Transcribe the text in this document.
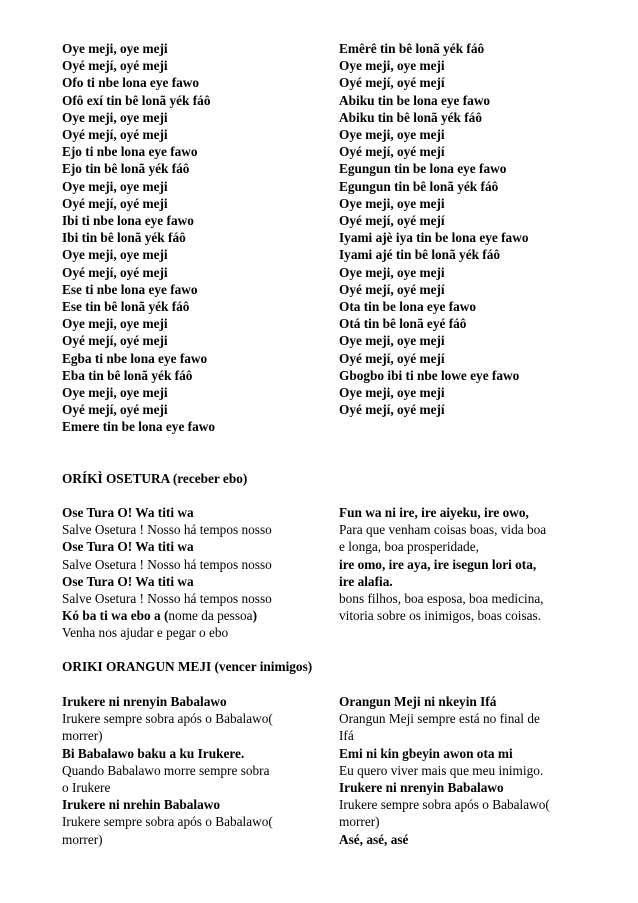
Oye meji, oye meji
Oyé mejí, oyé meji
Ofo ti nbe lona eye fawo
Ofô exí tin bê lonã yék fáô
Oye meji, oye meji
Oyé mejí, oyé meji
Ejo ti nbe lona eye fawo
Ejo tin bê lonã yék fáô
Oye meji, oye meji
Oyé mejí, oyé meji
Ibi ti nbe lona eye fawo
Ibi tin bê lonã yék fáô
Oye meji, oye meji
Oyé mejí, oyé meji
Ese ti nbe lona eye fawo
Ese tin bê lonã yék fáô
Oye meji, oye meji
Oyé mejí, oyé meji
Egba ti nbe lona eye fawo
Eba tin bê lonã yék fáô
Oye meji, oye meji
Oyé mejí, oyé meji
Emere tin be lona eye fawo
Emêrê tin bê lonã yék fáô
Oye meji, oye meji
Oyé mejí, oyé mejí
Abiku tin be lona eye fawo
Abiku tin bê lonã yék fáô
Oye meji, oye meji
Oyé mejí, oyé mejí
Egungun tin be lona eye fawo
Egungun tin bê lonã yék fáô
Oye meji, oye meji
Oyé mejí, oyé mejí
Iyami ajè iya tin be lona eye fawo
Iyami ajé tin bê lonã yék fáô
Oye meji, oye meji
Oyé mejí, oyé mejí
Ota tin be lona eye fawo
Otá tin bê lonã eyé fáô
Oye meji, oye meji
Oyé mejí, oyé mejí
Gbogbo ibi ti nbe lowe eye fawo
Oye meji, oye meji
Oyé mejí, oyé mejí
ORÍKÌ OSETURA (receber ebo)
Ose Tura O! Wa titi wa
Salve Osetura ! Nosso há tempos nosso
Ose Tura O! Wa titi wa
Salve Osetura ! Nosso há tempos nosso
Ose Tura O! Wa titi wa
Salve Osetura ! Nosso há tempos nosso
Kó ba ti wa ebo a (nome da pessoa)
Venha nos ajudar e pegar o ebo
Fun wa ni ire, ire aiyeku, ire owo,
Para que venham coisas boas, vida boa
e longa, boa prosperidade,
ire omo, ire aya, ire isegun lori ota,
ire alafia.
bons filhos, boa esposa, boa medicina,
vitoria sobre os inimigos, boas coisas.
ORIKI ORANGUN MEJI (vencer inimigos)
Irukere ni nrenyin Babalawo
Irukere sempre sobra após o Babalawo(
morrer)
Bi Babalawo baku a ku Irukere.
Quando Babalawo morre sempre sobra
o Irukere
Irukere ni nrehin Babalawo
Irukere sempre sobra após o Babalawo(
morrer)
Orangun Meji ni nkeyin Ifá
Orangun Meji sempre está no final de
Ifá
Emi ni kin gbeyin awon ota mi
Eu quero viver mais que meu inimigo.
Irukere ni nrenyin Babalawo
Irukere sempre sobra após o Babalawo(
morrer)
Asé, asé, asé
